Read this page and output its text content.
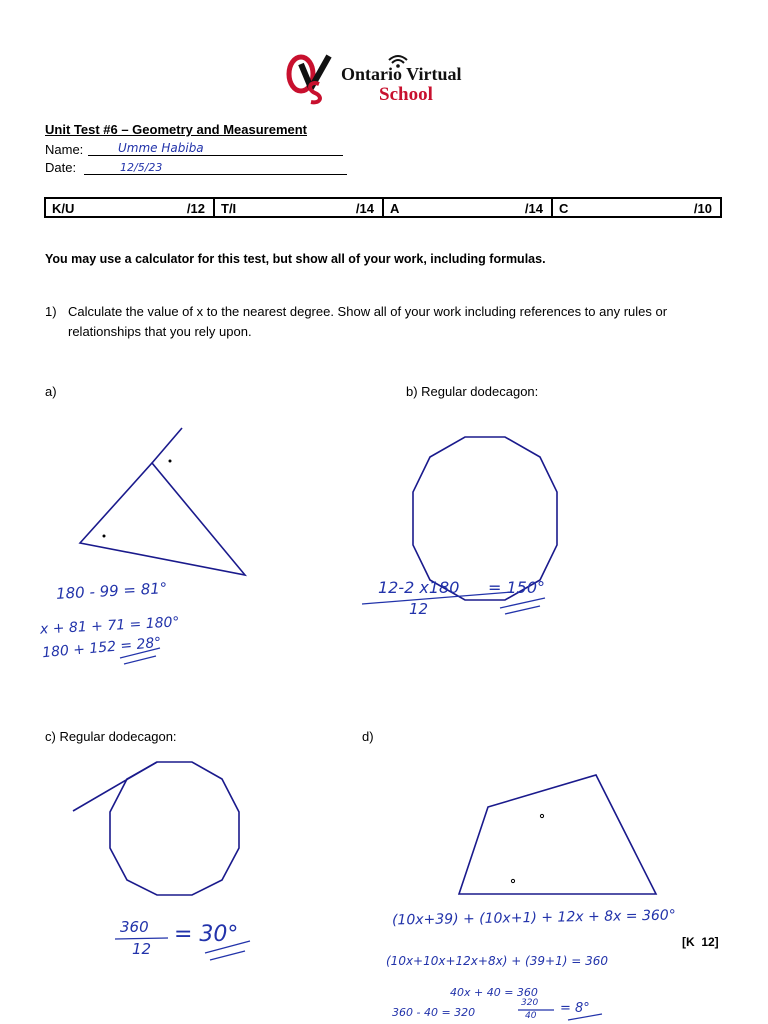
Ontario Virtual
School
Unit Test #6 – Geometry and Measurement
Name:	Umme Habiba
Date:	12/5/23
K/U	/12 T/I	/14 A	/14 C	/10
You may use a calculator for this test, but show all of your work, including formulas.
1) Calculate the value of x to the nearest degree. Show all of your work including references to any rules or
relationships that you rely upon.
a)	b) Regular dodecagon:
c) Regular dodecagon:	d)
180 - 99 = 81°
x + 81 + 71 = 180°
180 + 152 = 28°
12-2 x180
12
= 150°
360
12
= 30°
(10x+39) + (10x+1) + 12x + 8x = 360°
(10x+10x+12x+8x) + (39+1) = 360
40x + 40 = 360
360 - 40 = 320
320
40 = 8°
[K  12]
